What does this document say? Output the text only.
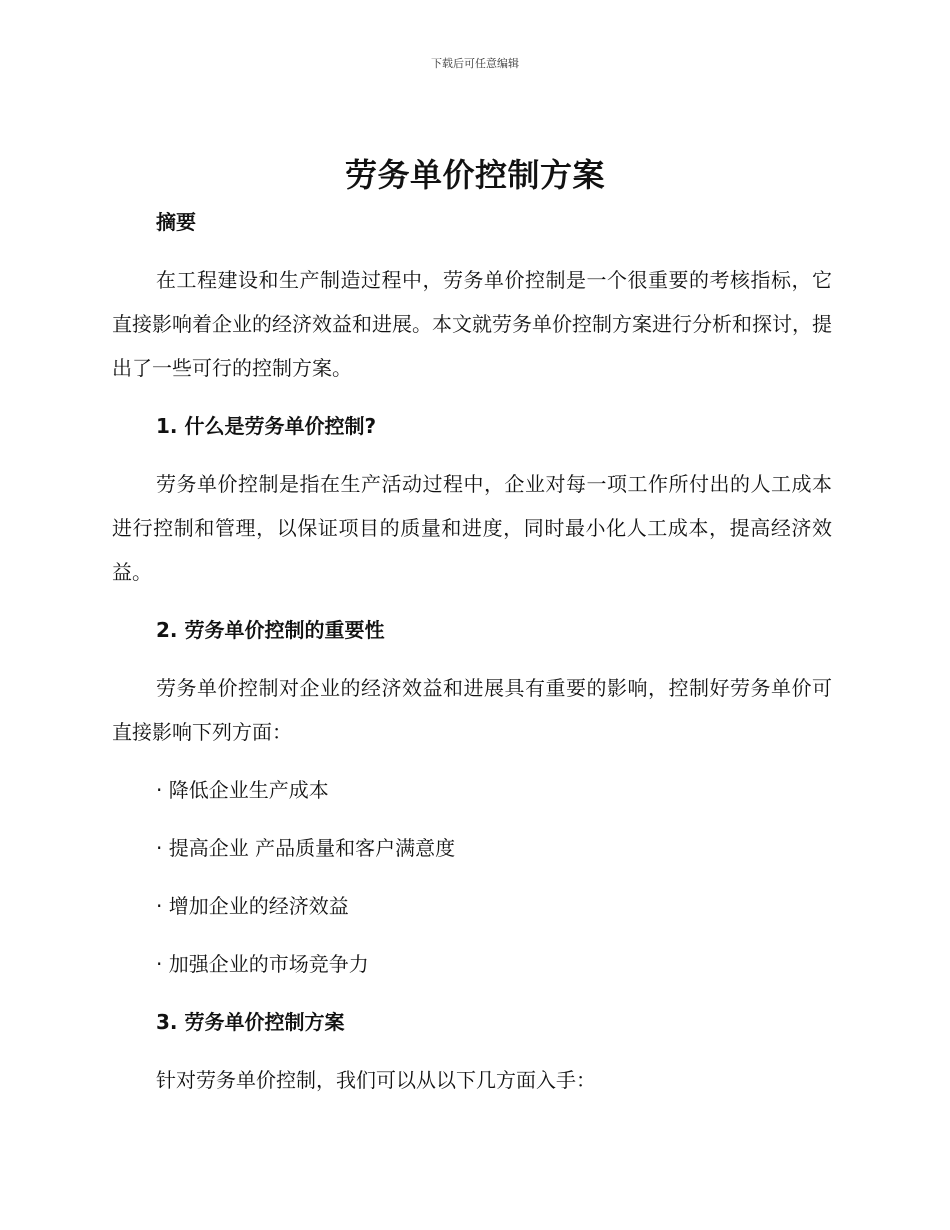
下载后可任意编辑
劳务单价控制方案
摘要

在工程建设和生产制造过程中，劳务单价控制是一个很重要的考核指标，它直接影响着企业的经济效益和进展。本文就劳务单价控制方案进行分析和探讨，提出了一些可行的控制方案。

1. 什么是劳务单价控制?

劳务单价控制是指在生产活动过程中，企业对每一项工作所付出的人工成本进行控制和管理，以保证项目的质量和进度，同时最小化人工成本，提高经济效益。

2. 劳务单价控制的重要性

劳务单价控制对企业的经济效益和进展具有重要的影响，控制好劳务单价可直接影响下列方面：

· 降低企业生产成本
· 提高企业 产品质量和客户满意度
· 增加企业的经济效益
· 加强企业的市场竞争力
3. 劳务单价控制方案

针对劳务单价控制，我们可以从以下几方面入手：
